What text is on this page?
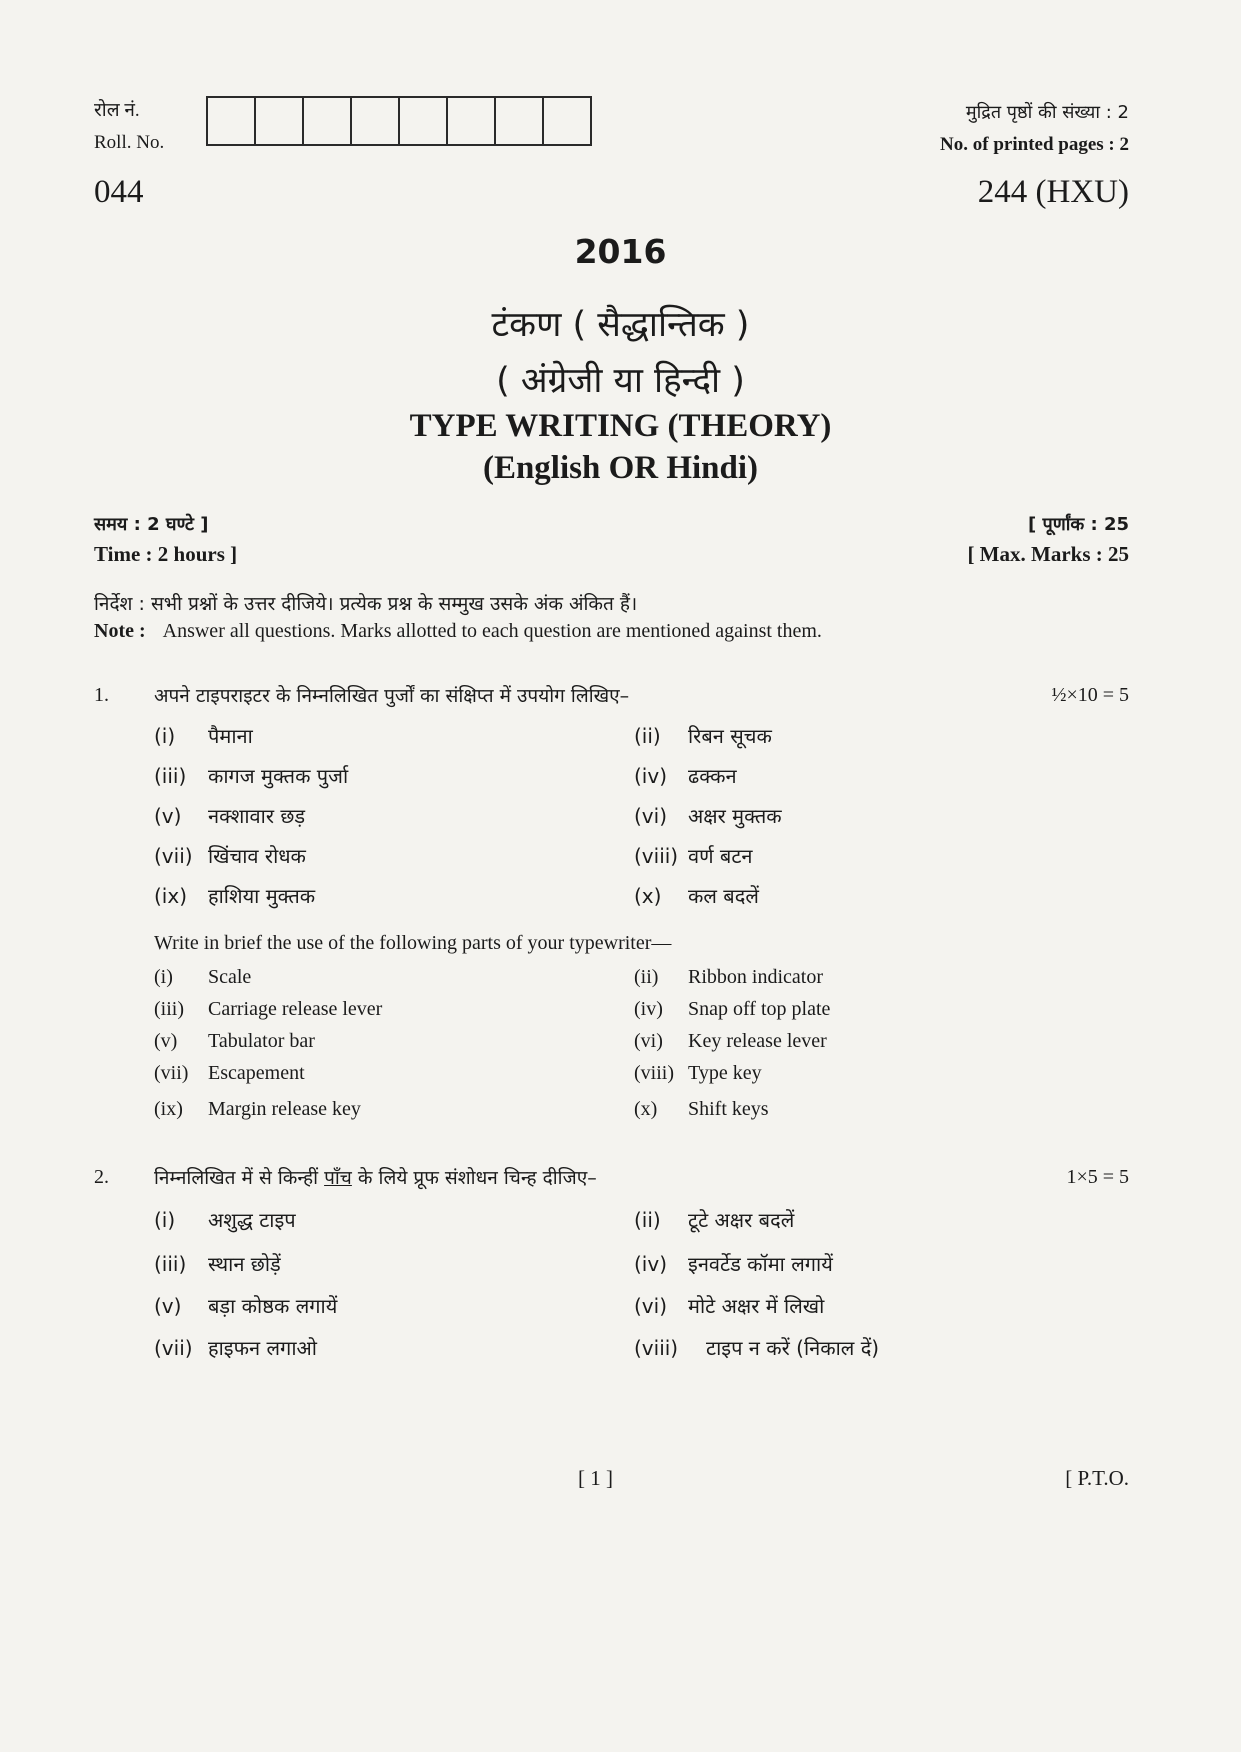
रोल नं.
Roll. No.
मुद्रित पृष्ठों की संख्या : 2
No. of printed pages : 2
044	244 (HXU)
2016
टंकण ( सैद्धान्तिक )
( अंग्रेजी या हिन्दी )
TYPE WRITING (THEORY)
(English OR Hindi)
समय : 2 घण्टे ]
Time : 2 hours ]
[ पूर्णांक : 25
[ Max. Marks : 25
निर्देश : सभी प्रश्नों के उत्तर दीजिये। प्रत्येक प्रश्न के सम्मुख उसके अंक अंकित हैं।
Note : Answer all questions. Marks allotted to each question are mentioned against them.
1. अपने टाइपराइटर के निम्नलिखित पुर्जों का संक्षिप्त में उपयोग लिखिए–	½×10 = 5
(i) पैमाना	(ii) रिबन सूचक
(iii) कागज मुक्तक पुर्जा	(iv) ढक्कन
(v) नक्शावार छड़	(vi) अक्षर मुक्तक
(vii) खिंचाव रोधक	(viii) वर्ण बटन
(ix) हाशिया मुक्तक	(x) कल बदलें
Write in brief the use of the following parts of your typewriter—
(i) Scale	(ii) Ribbon indicator
(iii) Carriage release lever	(iv) Snap off top plate
(v) Tabulator bar	(vi) Key release lever
(vii) Escapement	(viii) Type key
(ix) Margin release key	(x) Shift keys
2. निम्नलिखित में से किन्हीं पाँच के लिये प्रूफ संशोधन चिन्ह दीजिए–	1×5 = 5
(i) अशुद्ध टाइप	(ii) टूटे अक्षर बदलें
(iii) स्थान छोड़ें	(iv) इनवर्टेड कॉमा लगायें
(v) बड़ा कोष्ठक लगायें	(vi) मोटे अक्षर में लिखो
(vii) हाइफन लगाओ	(viii) टाइप न करें (निकाल दें)
[ 1 ]	[ P.T.O.
